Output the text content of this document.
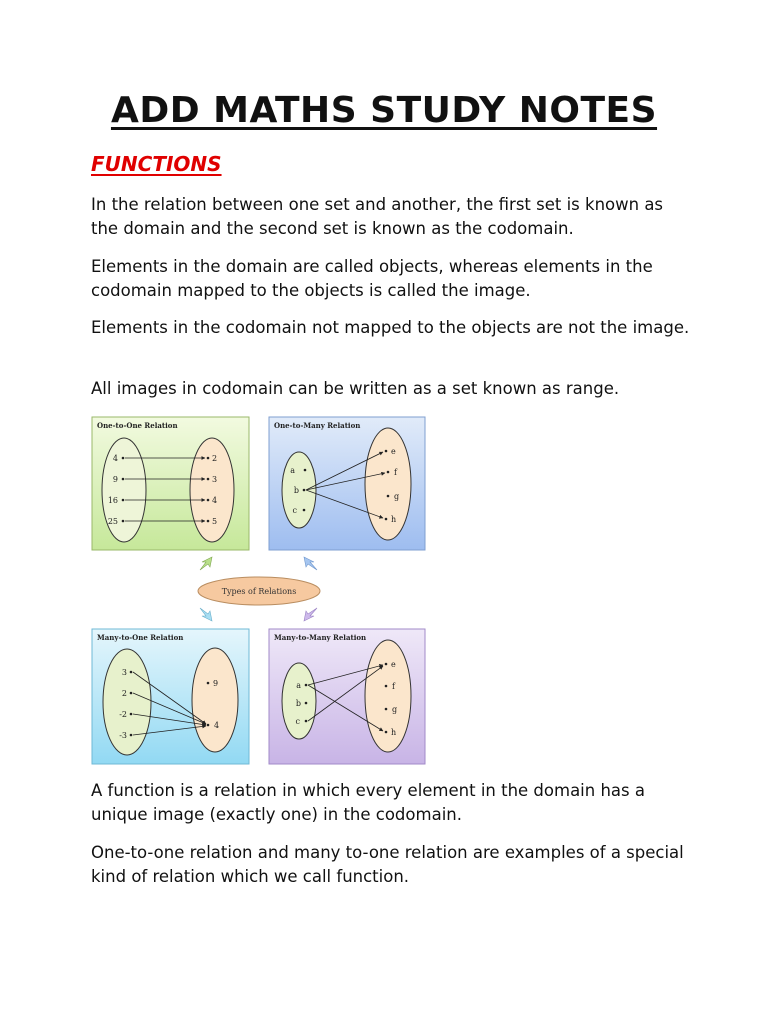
ADD MATHS STUDY NOTES
FUNCTIONS

In the relation between one set and another, the first set is known as the domain and the second set is known as the codomain.

Elements in the domain are called objects, whereas elements in the codomain mapped to the objects is called the image.

Elements in the codomain not mapped to the objects are not the image.

All images in codomain can be written as a set known as range.

One-to-One Relation
4
9
16
25
2
3
4
5
One-to-Many Relation
a
b
c
e
f
g
h
Types of Relations
Many-to-One Relation
3
2
-2
-3
9
4
Many-to-Many Relation
a
b
c
e
f
g
h

A function is a relation in which every element in the domain has a unique image (exactly one) in the codomain.

One-to-one relation and many to-one relation are examples of a special kind of relation which we call function.
